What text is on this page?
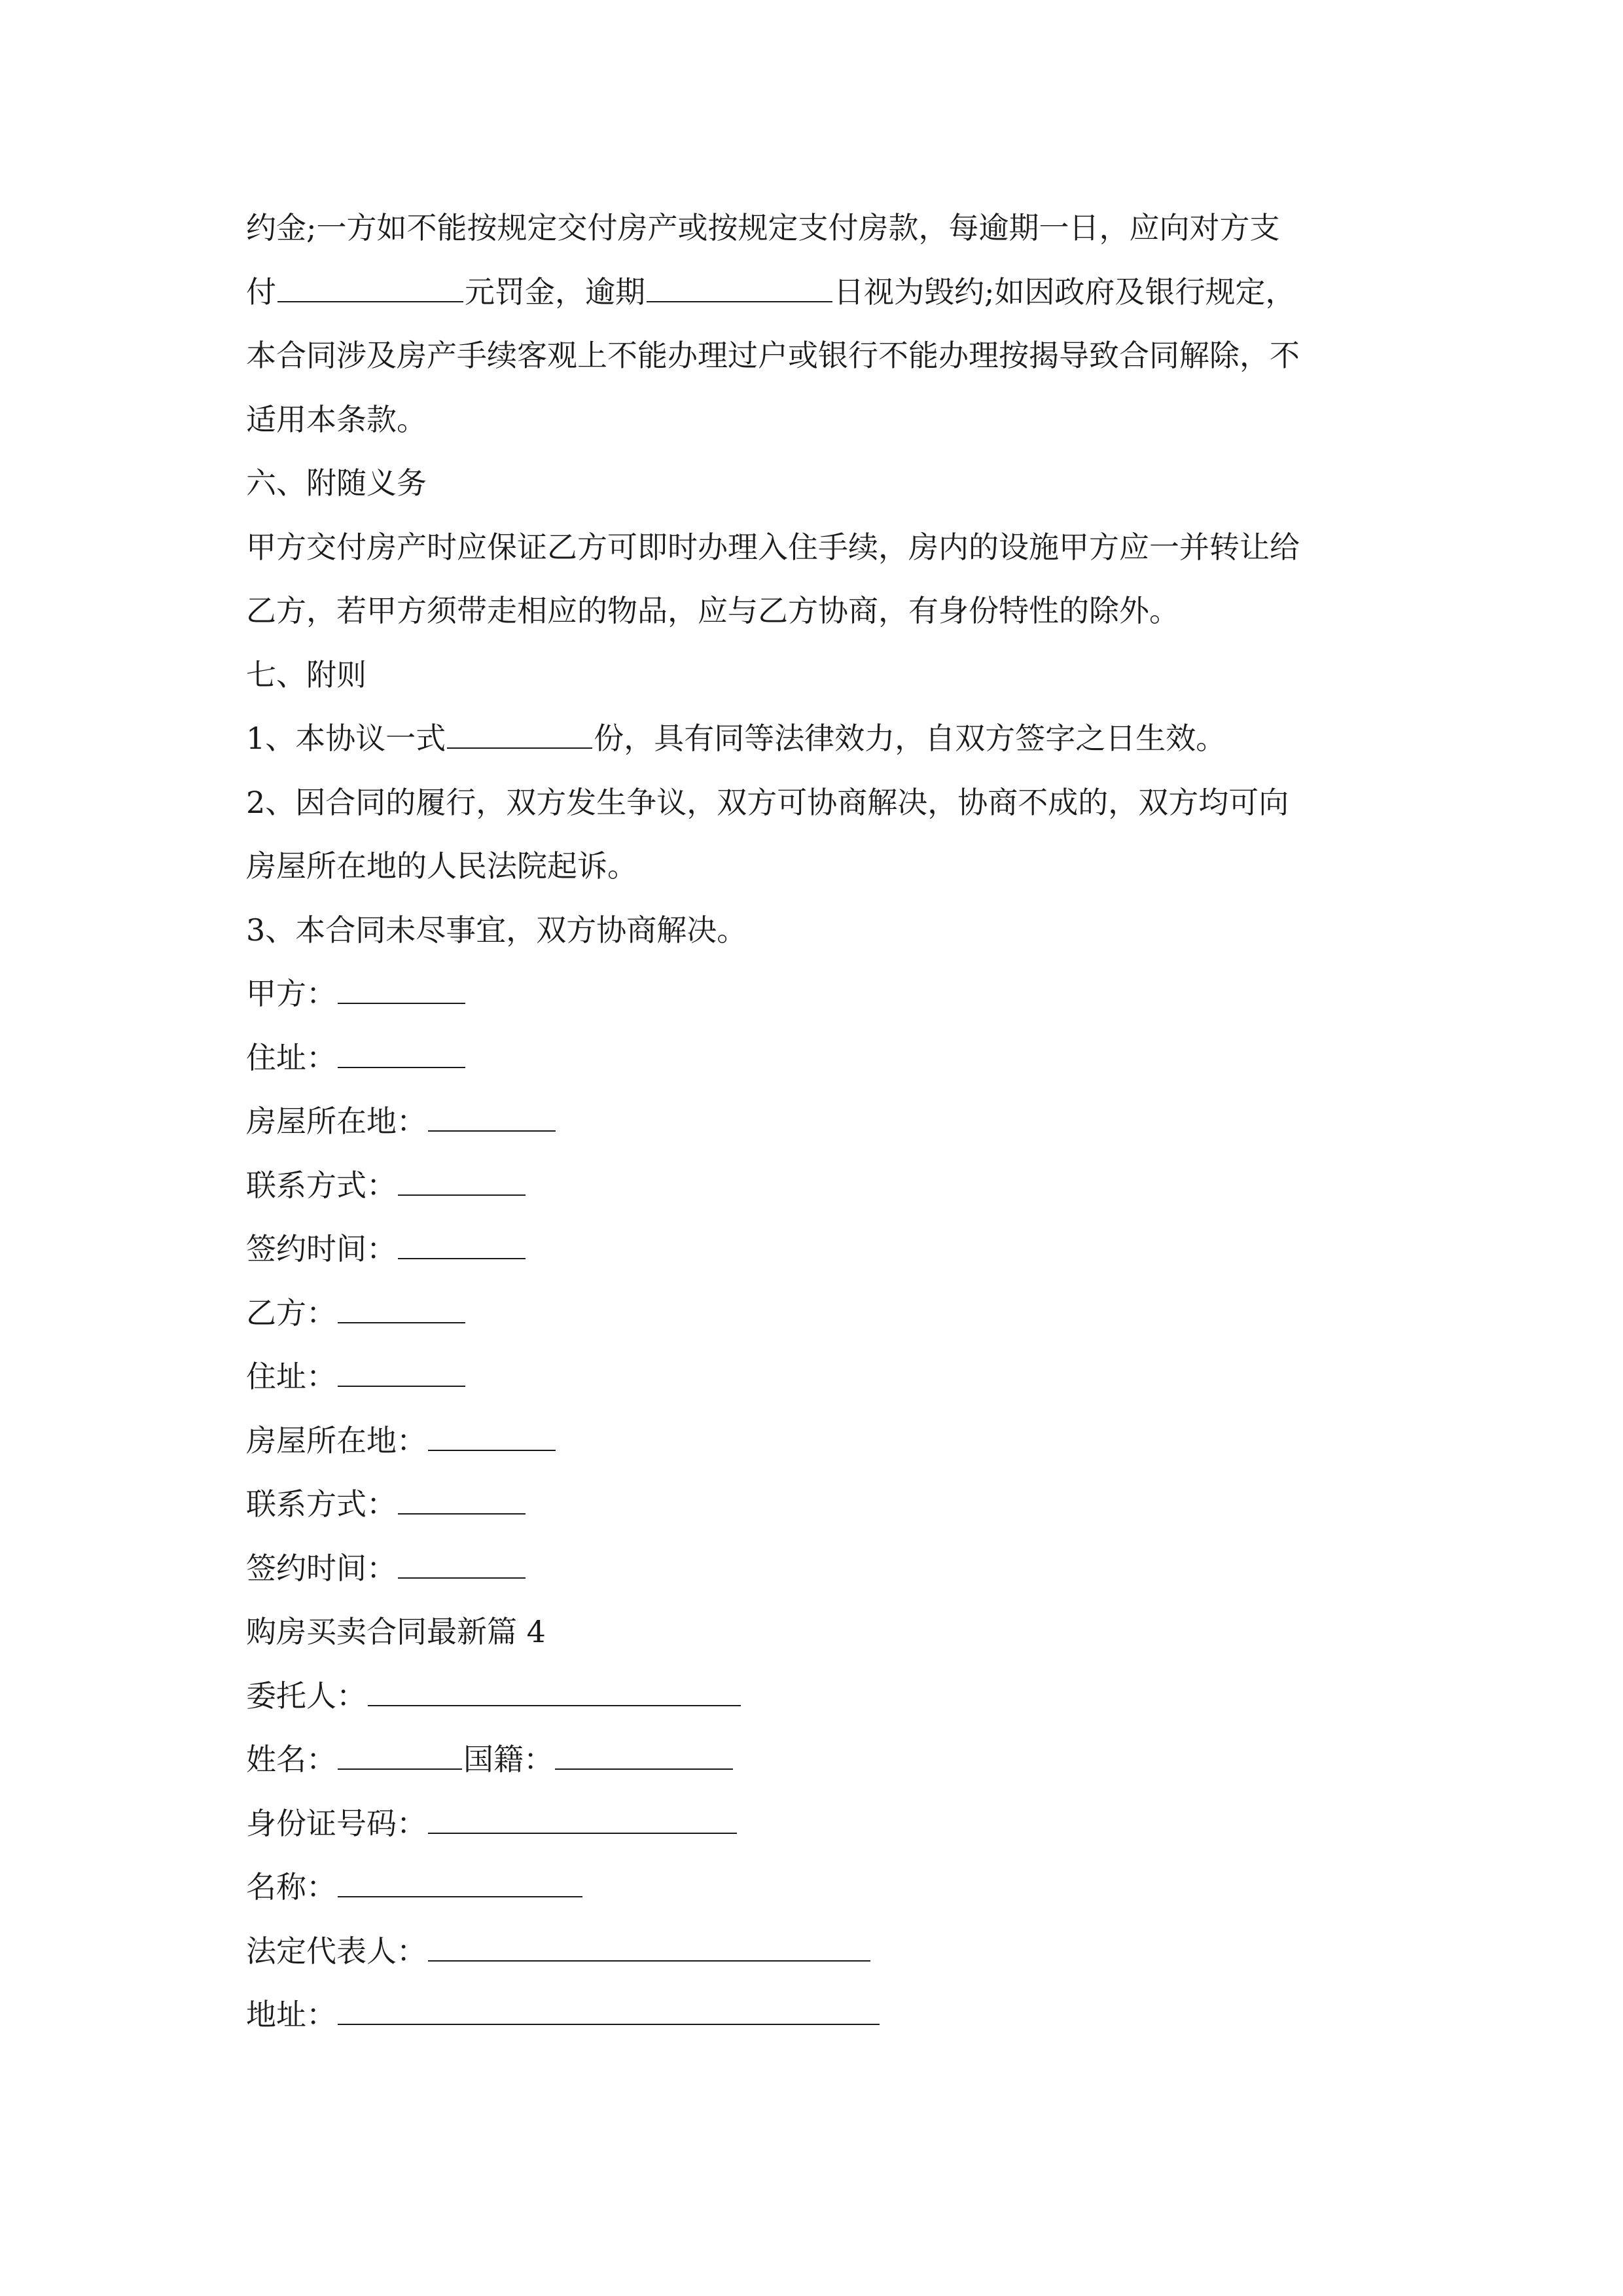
约金;一方如不能按规定交付房产或按规定支付房款，每逾期一日，应向对方支
付	元罚金，逾期	日视为毁约;如因政府及银行规定，
本合同涉及房产手续客观上不能办理过户或银行不能办理按揭导致合同解除，不
适用本条款。
六、附随义务
甲方交付房产时应保证乙方可即时办理入住手续，房内的设施甲方应一并转让给
乙方，若甲方须带走相应的物品，应与乙方协商，有身份特性的除外。
七、附则
1、本协议一式	份，具有同等法律效力，自双方签字之日生效。
2、因合同的履行，双方发生争议，双方可协商解决，协商不成的，双方均可向
房屋所在地的人民法院起诉。
3、本合同未尽事宜，双方协商解决。
甲方：
住址：
房屋所在地：
联系方式：
签约时间：
乙方：
住址：
房屋所在地：
联系方式：
签约时间：
购房买卖合同最新篇 4
委托人：
姓名：	国籍：
身份证号码：
名称：
法定代表人：
地址：
